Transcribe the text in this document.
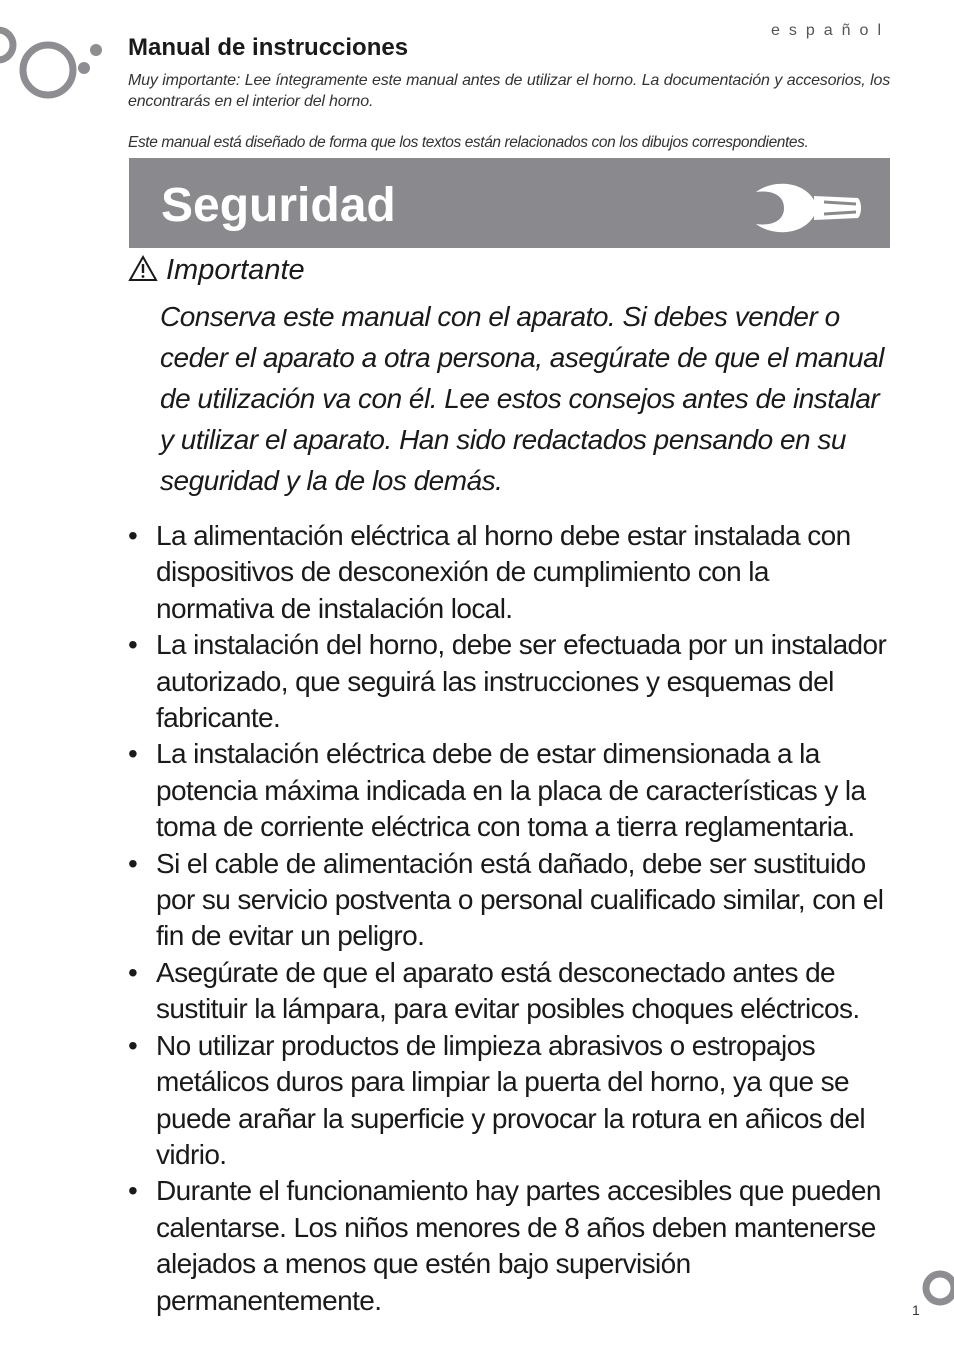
español
Manual de instrucciones

Muy importante: Lee íntegramente este manual antes de utilizar el horno. La documentación y accesorios, los encontrarás en el interior del horno.

Este manual está diseñado de forma que los textos están relacionados con los dibujos correspondientes.

Seguridad
Importante

Conserva este manual con el aparato. Si debes vender o ceder el aparato a otra persona, asegúrate de que el manual de utilización va con él. Lee estos consejos antes de instalar y utilizar el aparato. Han sido redactados pensando en su seguridad y la de los demás.

• La alimentación eléctrica al horno debe estar instalada con dispositivos de desconexión de cumplimiento con la normativa de instalación local.
• La instalación del horno, debe ser efectuada por un instalador autorizado, que seguirá las instrucciones y esquemas del fabricante.
• La instalación eléctrica debe de estar dimensionada a la potencia máxima indicada en la placa de características y la toma de corriente eléctrica con toma a tierra reglamentaria.
• Si el cable de alimentación está dañado, debe ser sustituido por su servicio postventa o personal cualificado similar, con el fin de evitar un peligro.
• Asegúrate de que el aparato está desconectado antes de sustituir la lámpara, para evitar posibles choques eléctricos.
• No utilizar productos de limpieza abrasivos o estropajos metálicos duros para limpiar la puerta del horno, ya que se puede arañar la superficie y provocar la rotura en añicos del vidrio.
• Durante el funcionamiento hay partes accesibles que pueden calentarse. Los niños menores de 8 años deben mantenerse alejados a menos que estén bajo supervisión permanentemente.	1
